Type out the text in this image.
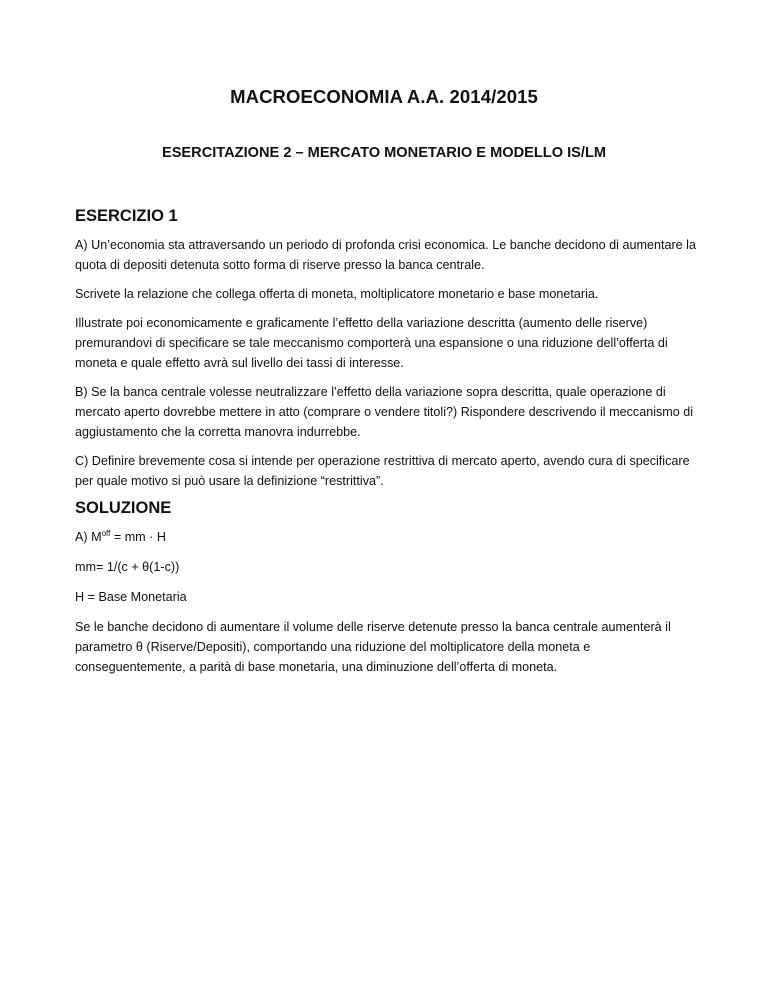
MACROECONOMIA A.A. 2014/2015
ESERCITAZIONE 2 – MERCATO MONETARIO E MODELLO IS/LM
ESERCIZIO 1

A) Un’economia sta attraversando un periodo di profonda crisi economica. Le banche decidono di aumentare la quota di depositi detenuta sotto forma di riserve presso la banca centrale.

Scrivete la relazione che collega offerta di moneta, moltiplicatore monetario e base monetaria.

Illustrate poi economicamente e graficamente l’effetto della variazione descritta (aumento delle riserve) premurandovi di specificare se tale meccanismo comporterà una espansione o una riduzione dell’offerta di moneta e quale effetto avrà sul livello dei tassi di interesse.

B) Se la banca centrale volesse neutralizzare l’effetto della variazione sopra descritta, quale operazione di mercato aperto dovrebbe mettere in atto (comprare o vendere titoli?) Rispondere descrivendo il meccanismo di aggiustamento che la corretta manovra indurrebbe.

C) Definire brevemente cosa si intende per operazione restrittiva di mercato aperto, avendo cura di specificare per quale motivo si può usare la definizione “restrittiva”.

SOLUZIONE

A) $M^{off}$ = mm · H

mm= 1/(c + θ(1-c))

H = Base Monetaria

Se le banche decidono di aumentare il volume delle riserve detenute presso la banca centrale aumenterà il parametro θ (Riserve/Depositi), comportando una riduzione del moltiplicatore della moneta e conseguentemente, a parità di base monetaria, una diminuzione dell’offerta di moneta.
